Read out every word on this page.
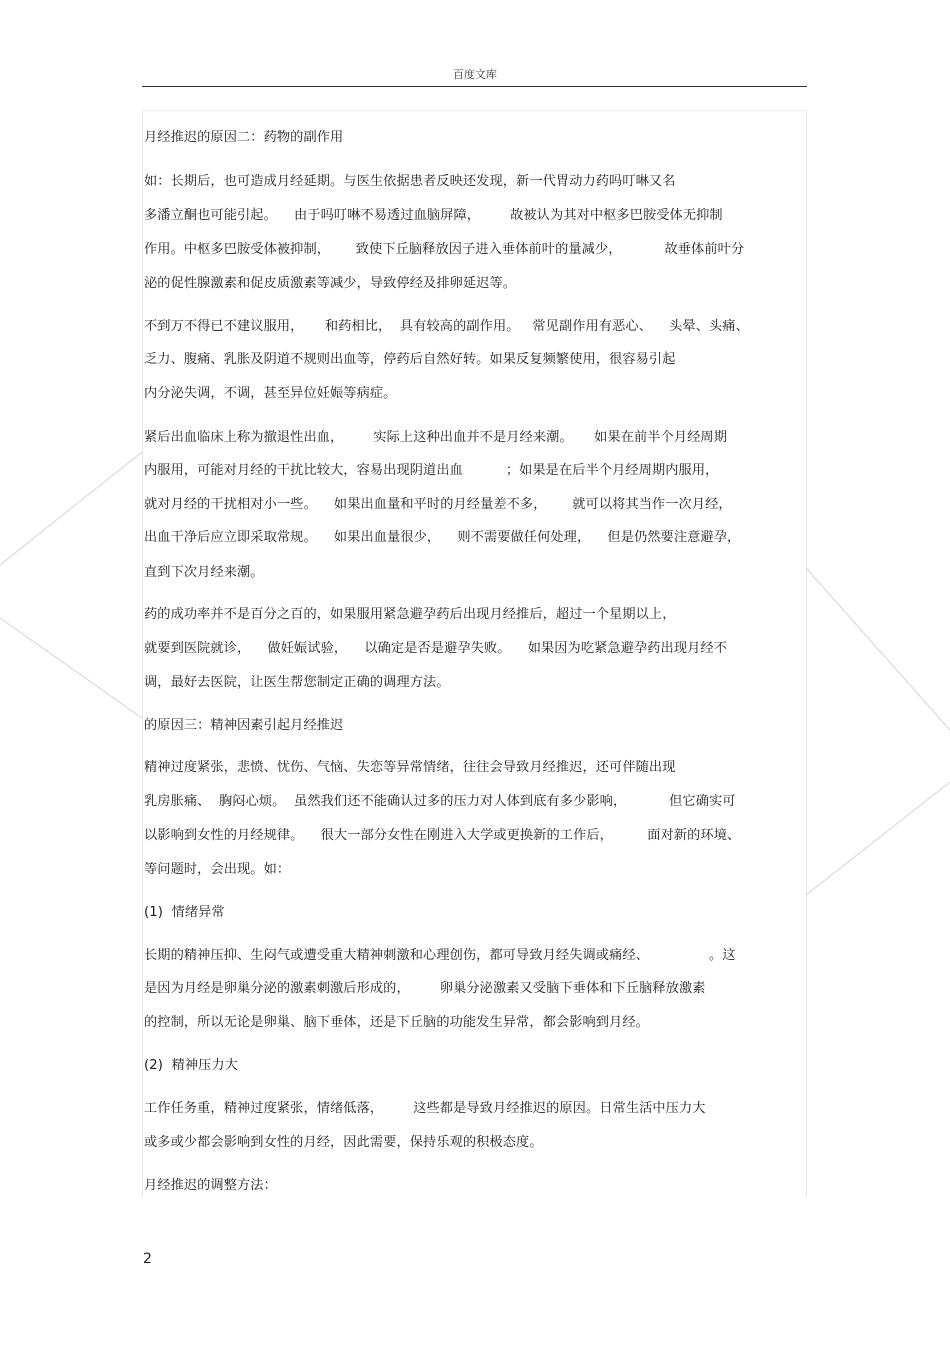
百度文库
月经推迟的原因二：药物的副作用
如：长期后，也可造成月经延期。与医生依据患者反映还发现，新一代胃动力药吗叮啉又名
多潘立酮也可能引起。    由于吗叮啉不易透过血脑屏障，       故被认为其对中枢多巴胺受体无抑制
作用。中枢多巴胺受体被抑制，      致使下丘脑释放因子进入垂体前叶的量减少，          故垂体前叶分
泌的促性腺激素和促皮质激素等减少，导致停经及排卵延迟等。
不到万不得已不建议服用，     和药相比，  具有较高的副作用。   常见副作用有恶心、    头晕、头痛、
乏力、腹痛、乳胀及阴道不规则出血等，停药后自然好转。如果反复频繁使用，很容易引起
内分泌失调，不调，甚至异位妊娠等病症。
紧后出血临床上称为撤退性出血，       实际上这种出血并不是月经来潮。     如果在前半个月经周期
内服用，可能对月经的干扰比较大，容易出现阴道出血          ；如果是在后半个月经周期内服用，
就对月经的干扰相对小一些。    如果出血量和平时的月经量差不多，      就可以将其当作一次月经，
出血干净后应立即采取常规。    如果出血量很少，    则不需要做任何处理，    但是仍然要注意避孕，
直到下次月经来潮。
药的成功率并不是百分之百的，如果服用紧急避孕药后出现月经推后，超过一个星期以上，
就要到医院就诊，    做妊娠试验，    以确定是否是避孕失败。    如果因为吃紧急避孕药出现月经不
调，最好去医院，让医生帮您制定正确的调理方法。
的原因三：精神因素引起月经推迟
精神过度紧张，悲愤、忧伤、气恼、失恋等异常情绪，往往会导致月经推迟，还可伴随出现
乳房胀痛、  胸闷心烦。  虽然我们还不能确认过多的压力对人体到底有多少影响，          但它确实可
以影响到女性的月经规律。    很大一部分女性在刚进入大学或更换新的工作后，        面对新的环境、
等问题时，会出现。如：
(1)  情绪异常
长期的精神压抑、生闷气或遭受重大精神刺激和心理创伤，都可导致月经失调或痛经、              。这
是因为月经是卵巢分泌的激素刺激后形成的，       卵巢分泌激素又受脑下垂体和下丘脑释放激素
的控制，所以无论是卵巢、脑下垂体，还是下丘脑的功能发生异常，都会影响到月经。
(2)  精神压力大
工作任务重，精神过度紧张，情绪低落，       这些都是导致月经推迟的原因。日常生活中压力大
或多或少都会影响到女性的月经，因此需要，保持乐观的积极态度。
月经推迟的调整方法：
2
